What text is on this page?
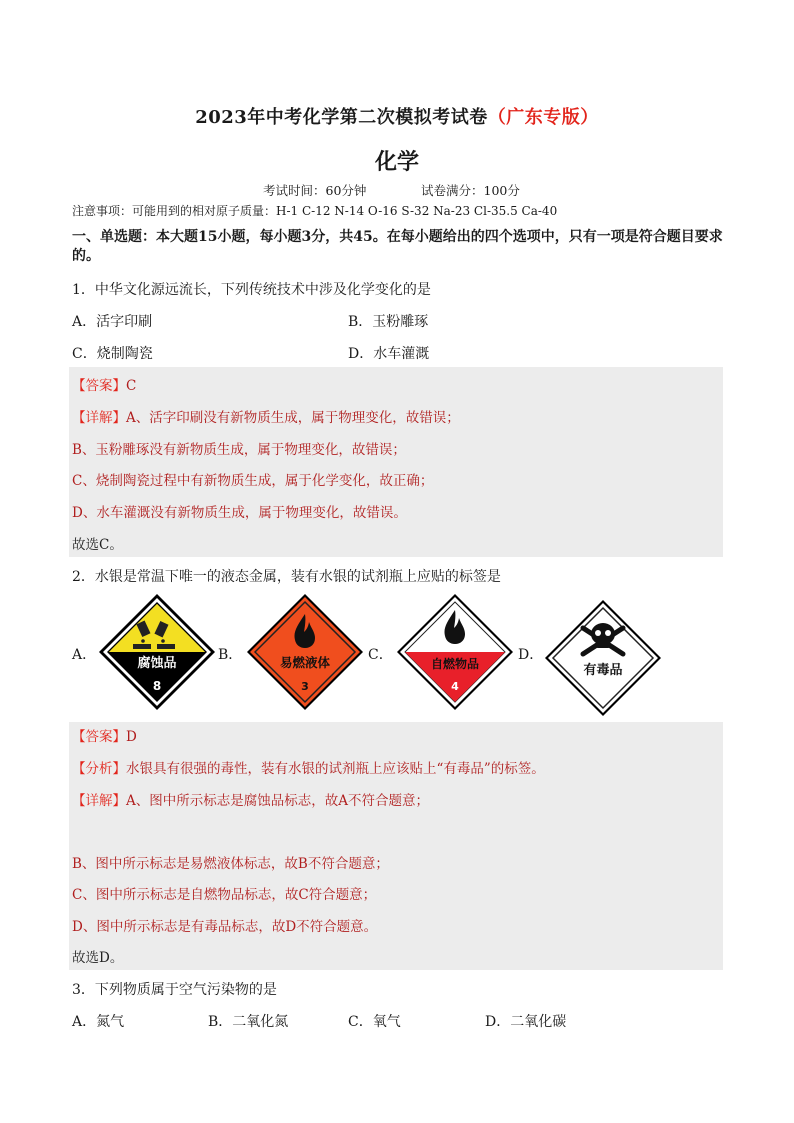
2023年中考化学第二次模拟考试卷（广东专版）
化学
考试时间：60分钟	试卷满分：100分
注意事项：可能用到的相对原子质量：H-1 C-12 N-14 O-16 S-32 Na-23 Cl-35.5 Ca-40
一、单选题：本大题15小题，每小题3分，共45。在每小题给出的四个选项中，只有一项是符合题目要求的。
1．中华文化源远流长，下列传统技术中涉及化学变化的是
A．活字印刷	B．玉粉雕琢
C．烧制陶瓷	D．水车灌溉
【答案】C
【详解】A、活字印刷没有新物质生成，属于物理变化，故错误；
B、玉粉雕琢没有新物质生成，属于物理变化，故错误；
C、烧制陶瓷过程中有新物质生成，属于化学变化，故正确；
D、水车灌溉没有新物质生成，属于物理变化，故错误。
故选C。
2．水银是常温下唯一的液态金属，装有水银的试剂瓶上应贴的标签是
A．	B．	C．	D．
腐蚀品
8
易燃液体
3
自燃物品
4
有毒品
【答案】D
【分析】水银具有很强的毒性，装有水银的试剂瓶上应该贴上“有毒品”的标签。
【详解】A、图中所示标志是腐蚀品标志，故A不符合题意；
B、图中所示标志是易燃液体标志，故B不符合题意；
C、图中所示标志是自燃物品标志，故C符合题意；
D、图中所示标志是有毒品标志，故D不符合题意。
故选D。
3．下列物质属于空气污染物的是
A．氮气	B．二氧化氮	C．氧气	D．二氧化碳
